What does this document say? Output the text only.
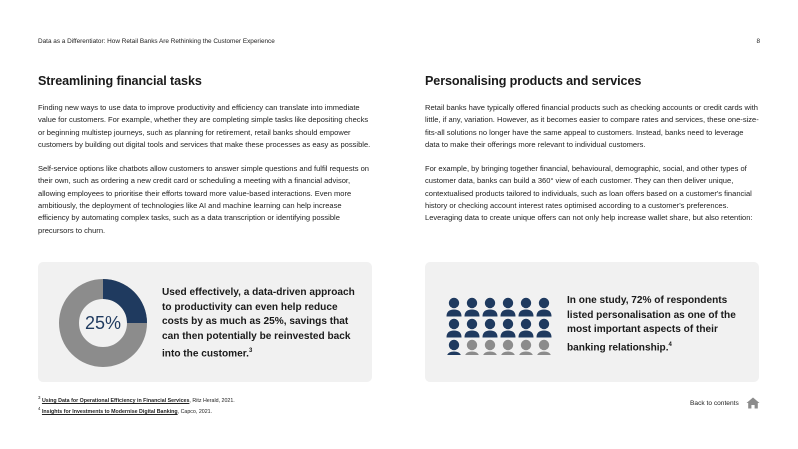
Data as a Differentiator: How Retail Banks Are Rethinking the Customer Experience	8
Streamlining financial tasks

Finding new ways to use data to improve productivity and efficiency can translate into immediate value for customers. For example, whether they are completing simple tasks like depositing checks or beginning multistep journeys, such as planning for retirement, retail banks should empower customers by building out digital tools and services that make these processes as easy as possible.

Self-service options like chatbots allow customers to answer simple questions and fulfil requests on their own, such as ordering a new credit card or scheduling a meeting with a financial advisor, allowing employees to prioritise their efforts toward more value-based interactions. Even more ambitiously, the deployment of technologies like AI and machine learning can help increase efficiency by automating complex tasks, such as a data transcription or identifying possible precursors to churn.

Personalising products and services

Retail banks have typically offered financial products such as checking accounts or credit cards with little, if any, variation. However, as it becomes easier to compare rates and services, these one-size-fits-all solutions no longer have the same appeal to customers. Instead, banks need to leverage data to make their offerings more relevant to individual customers.

For example, by bringing together financial, behavioural, demographic, social, and other types of customer data, banks can build a 360° view of each customer. They can then deliver unique, contextualised products tailored to individuals, such as loan offers based on a customer's financial history or checking account interest rates optimised according to a customer's preferences. Leveraging data to create unique offers can not only help increase wallet share, but also retention:

25%
Used effectively, a data-driven approach to productivity can even help reduce costs by as much as 25%, savings that can then potentially be reinvested back into the customer.$^3$
In one study, 72% of respondents listed personalisation as one of the most important aspects of their banking relationship.$^4$
$^3$ Using Data for Operational Efficiency in Financial Services, Ritz Herald, 2021.
$^4$ Insights for Investments to Modernise Digital Banking, Capco, 2021.
Back to contents
